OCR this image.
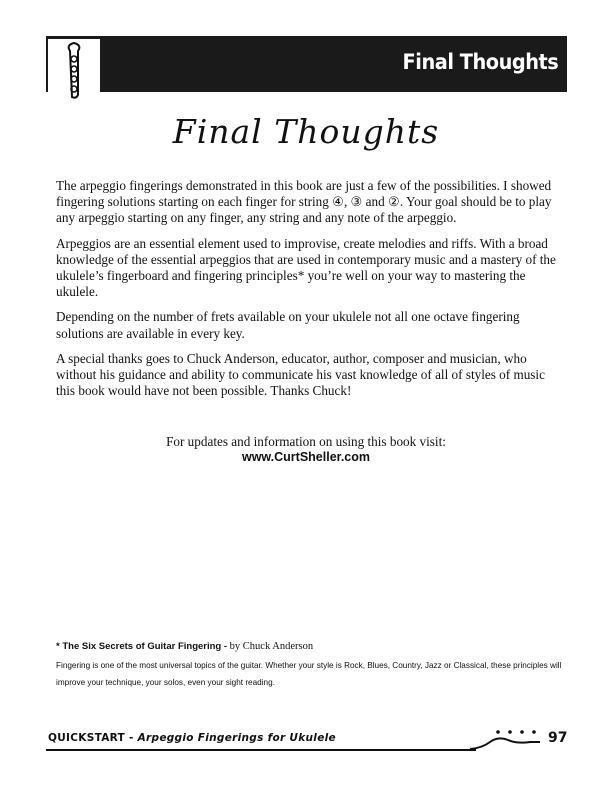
Final Thoughts
Final Thoughts

The arpeggio fingerings demonstrated in this book are just a few of the possibilities. I showed fingering solutions starting on each finger for string ④, ③ and ②. Your goal should be to play any arpeggio starting on any finger, any string and any note of the arpeggio.

Arpeggios are an essential element used to improvise, create melodies and riffs. With a broad knowledge of the essential arpeggios that are used in contemporary music and a mastery of the ukulele’s fingerboard and fingering principles* you’re well on your way to mastering the ukulele.

Depending on the number of frets available on your ukulele not all one octave fingering solutions are available in every key.

A special thanks goes to Chuck Anderson, educator, author, composer and musician, who without his guidance and ability to communicate his vast knowledge of all of styles of music this book would have not been possible. Thanks Chuck!

For updates and information on using this book visit:
www.CurtSheller.com
* The Six Secrets of Guitar Fingering - by Chuck Anderson
Fingering is one of the most universal topics of the guitar. Whether your style is Rock, Blues, Country, Jazz or Classical, these principles will improve your technique, your solos, even your sight reading.
QUICKSTART - Arpeggio Fingerings for Ukulele	97
